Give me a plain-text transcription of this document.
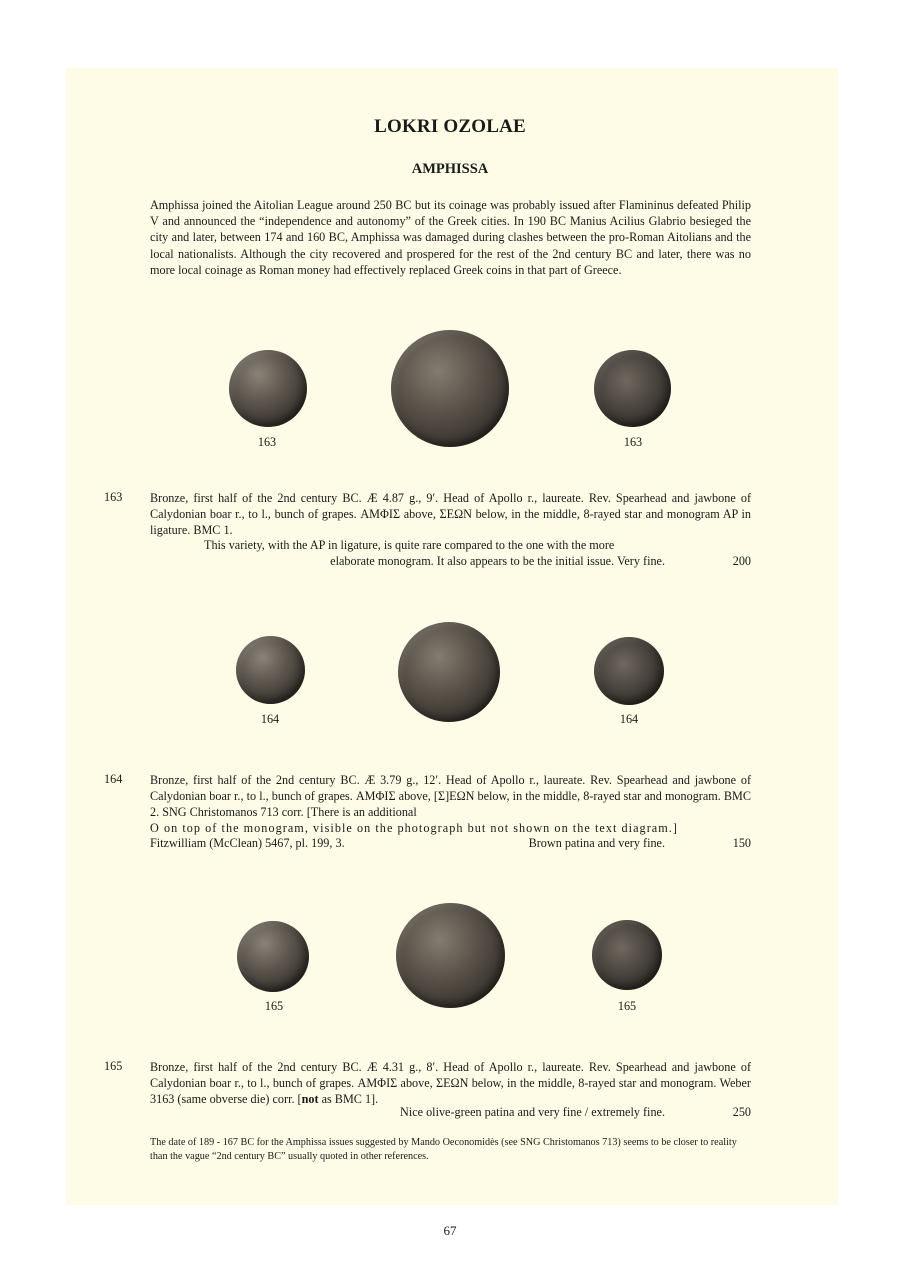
LOKRI OZOLAE
AMPHISSA
Amphissa joined the Aitolian League around 250 BC but its coinage was probably issued after Flamininus defeated Philip V and announced the “independence and autonomy” of the Greek cities. In 190 BC Manius Acilius Glabrio besieged the city and later, between 174 and 160 BC, Amphissa was damaged during clashes between the pro-Roman Aitolians and the local nationalists. Although the city recovered and prospered for the rest of the 2nd century BC and later, there was no more local coinage as Roman money had effectively replaced Greek coins in that part of Greece.
163	163
163 Bronze, first half of the 2nd century BC. Æ 4.87 g., 9′. Head of Apollo r., laureate. Rev. Spearhead and jawbone of Calydonian boar r., to l., bunch of grapes. ΑΜΦΙΣ above, ΣΕΩΝ below, in the middle, 8-rayed star and monogram AP in ligature. BMC 1.
This variety, with the AP in ligature, is quite rare compared to the one with the more
elaborate monogram. It also appears to be the initial issue. Very fine.	200
164	164
164 Bronze, first half of the 2nd century BC. Æ 3.79 g., 12′. Head of Apollo r., laureate. Rev. Spearhead and jawbone of Calydonian boar r., to l., bunch of grapes. ΑΜΦΙΣ above, [Σ]ΕΩΝ below, in the middle, 8-rayed star and monogram. BMC 2. SNG Christomanos 713 corr. [There is an additional
O on top of the monogram, visible on the photograph but not shown on the text diagram.]
Fitzwilliam (McClean) 5467, pl. 199, 3.	Brown patina and very fine.	150
165	165
165 Bronze, first half of the 2nd century BC. Æ 4.31 g., 8′. Head of Apollo r., laureate. Rev. Spearhead and jawbone of Calydonian boar r., to l., bunch of grapes. ΑΜΦΙΣ above, ΣΕΩΝ below, in the middle, 8-rayed star and monogram. Weber 3163 (same obverse die) corr. [not as BMC 1].
Nice olive-green patina and very fine / extremely fine.	250
The date of 189 - 167 BC for the Amphissa issues suggested by Mando Oeconomidès (see SNG Christomanos 713) seems to be closer to reality than the vague “2nd century BC” usually quoted in other references.
67
